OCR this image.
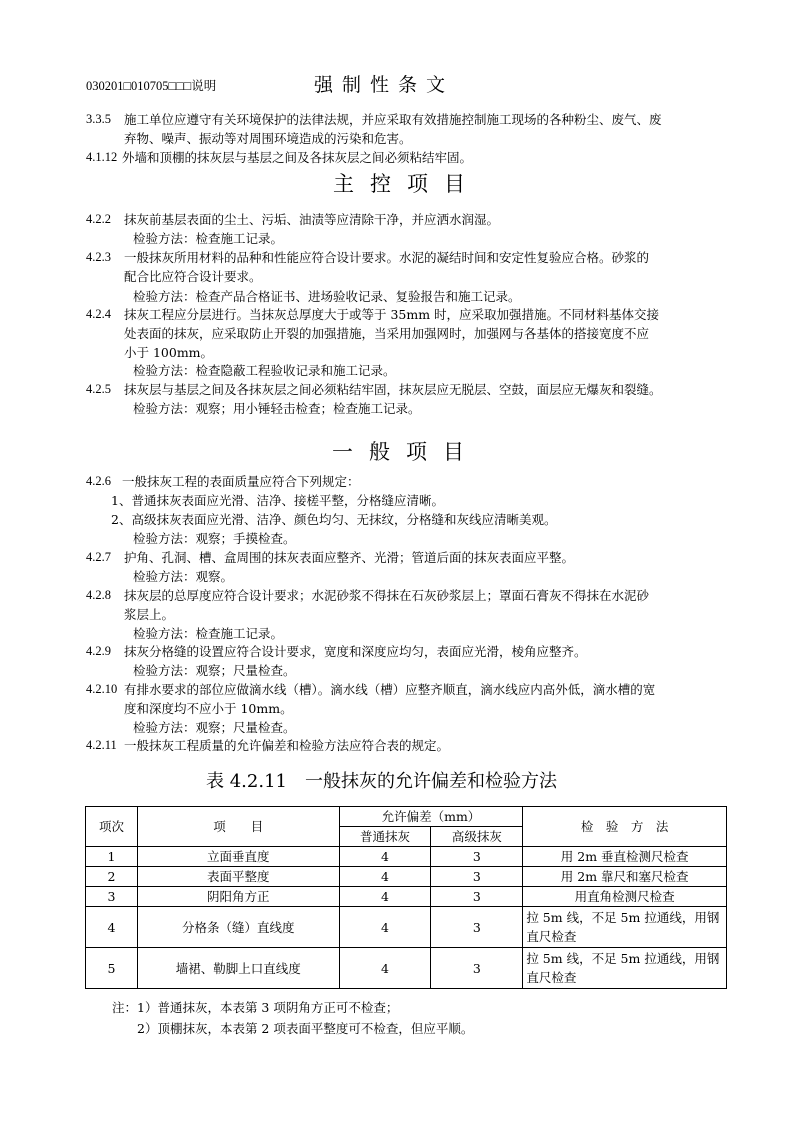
030201□010705□□□说明	强制性条文
3.3.5 施工单位应遵守有关环境保护的法律法规，并应采取有效措施控制施工现场的各种粉尘、废气、废
弃物、噪声、振动等对周围环境造成的污染和危害。
4.1.12 外墙和顶棚的抹灰层与基层之间及各抹灰层之间必须粘结牢固。
主控项目
4.2.2 抹灰前基层表面的尘土、污垢、油渍等应清除干净，并应洒水润湿。
检验方法：检查施工记录。
4.2.3 一般抹灰所用材料的品种和性能应符合设计要求。水泥的凝结时间和安定性复验应合格。砂浆的
配合比应符合设计要求。
检验方法：检查产品合格证书、进场验收记录、复验报告和施工记录。
4.2.4 抹灰工程应分层进行。当抹灰总厚度大于或等于 35mm 时，应采取加强措施。不同材料基体交接
处表面的抹灰，应采取防止开裂的加强措施，当采用加强网时，加强网与各基体的搭接宽度不应
小于 100mm。
检验方法：检查隐蔽工程验收记录和施工记录。
4.2.5 抹灰层与基层之间及各抹灰层之间必须粘结牢固，抹灰层应无脱层、空鼓，面层应无爆灰和裂缝。
检验方法：观察；用小锤轻击检查；检查施工记录。
一般项目
4.2.6 一般抹灰工程的表面质量应符合下列规定：
1、普通抹灰表面应光滑、洁净、接槎平整，分格缝应清晰。
2、高级抹灰表面应光滑、洁净、颜色均匀、无抹纹，分格缝和灰线应清晰美观。
检验方法：观察；手摸检查。
4.2.7 护角、孔洞、槽、盒周围的抹灰表面应整齐、光滑；管道后面的抹灰表面应平整。
检验方法：观察。
4.2.8 抹灰层的总厚度应符合设计要求；水泥砂浆不得抹在石灰砂浆层上；罩面石膏灰不得抹在水泥砂
浆层上。
检验方法：检查施工记录。
4.2.9 抹灰分格缝的设置应符合设计要求，宽度和深度应均匀，表面应光滑，棱角应整齐。
检验方法：观察；尺量检查。
4.2.10 有排水要求的部位应做滴水线（槽）。滴水线（槽）应整齐顺直，滴水线应内高外低，滴水槽的宽
度和深度均不应小于 10mm。
检验方法：观察；尺量检查。
4.2.11 一般抹灰工程质量的允许偏差和检验方法应符合表的规定。
表 4.2.11　一般抹灰的允许偏差和检验方法
项次	项　　目	允许偏差（mm）		检　验　方　法
		普通抹灰	高级抹灰	
1	立面垂直度	4	3	用 2m 垂直检测尺检查
2	表面平整度	4	3	用 2m 靠尺和塞尺检查
3	阴阳角方正	4	3	用直角检测尺检查
4	分格条（缝）直线度	4	3	拉 5m 线，不足 5m 拉通线，用钢直尺检查
5	墙裙、勒脚上口直线度	4	3	拉 5m 线，不足 5m 拉通线，用钢直尺检查
注：1）普通抹灰，本表第 3 项阴角方正可不检查；
2）顶棚抹灰，本表第 2 项表面平整度可不检查，但应平顺。
